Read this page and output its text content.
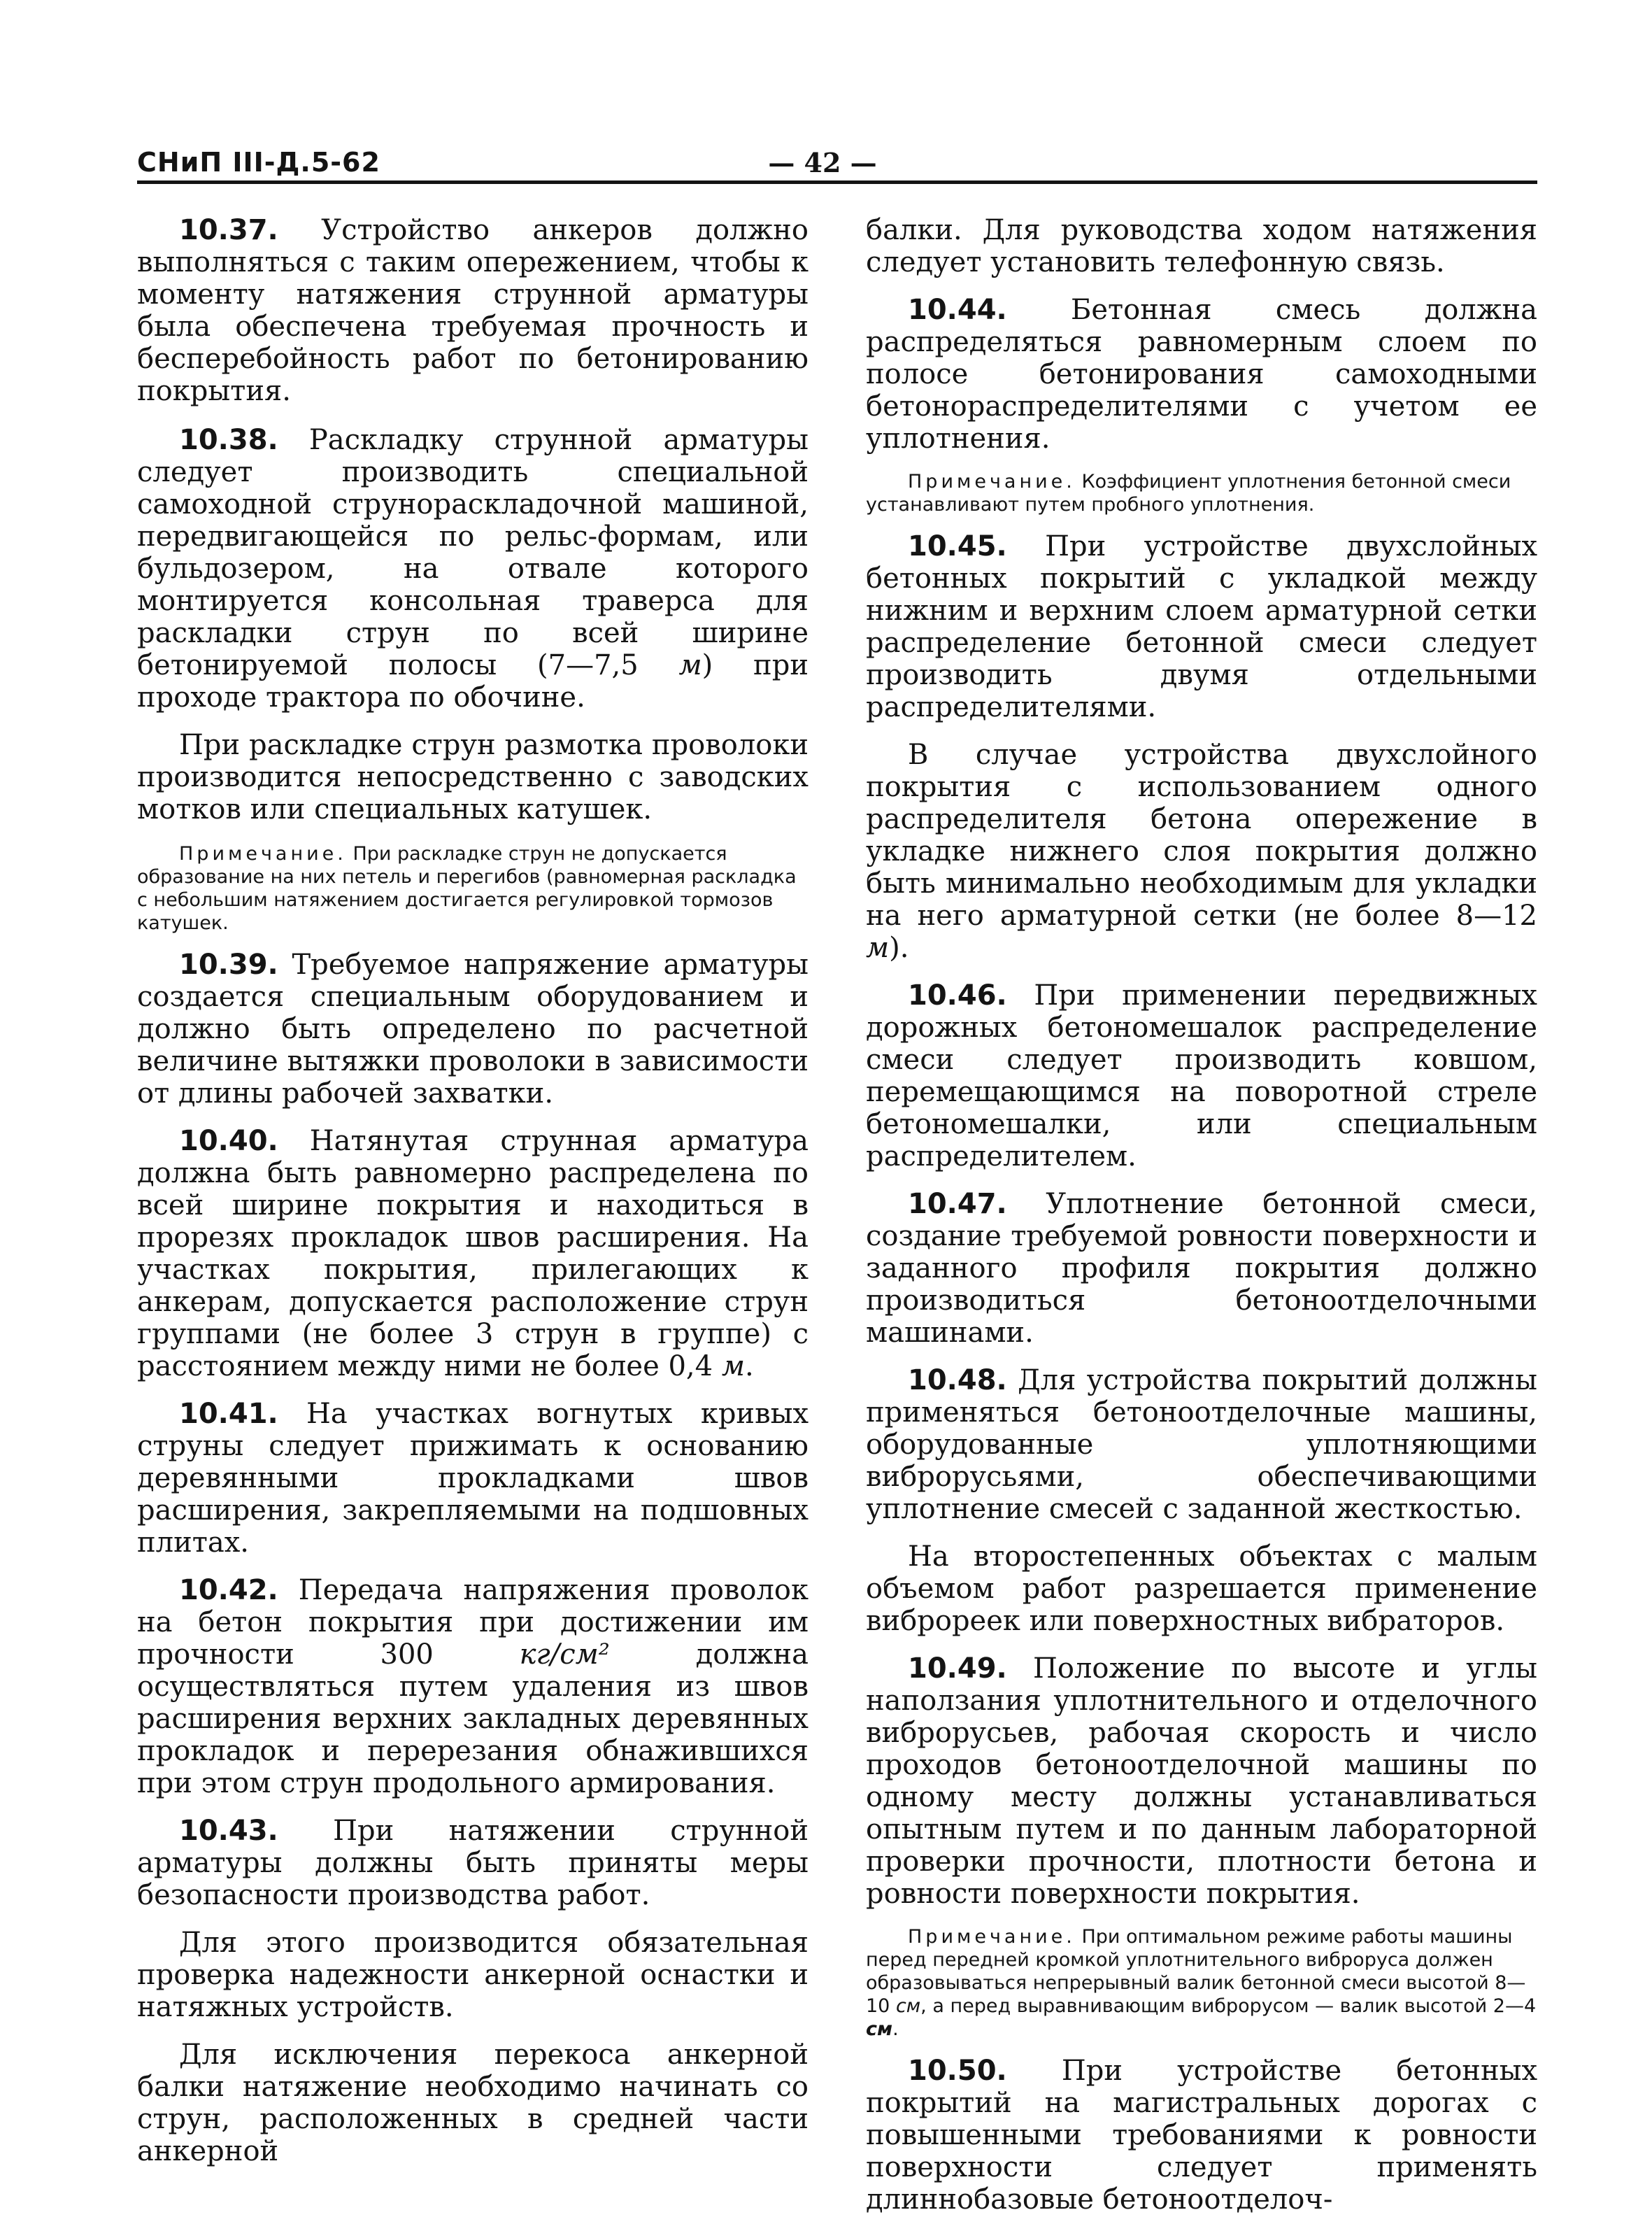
СНиП III-Д.5-62	— 42 —

10.37. Устройство анкеров должно выполняться с таким опережением, чтобы к моменту натяжения струнной арматуры была обеспечена требуемая прочность и бесперебойность работ по бетонированию покрытия.

10.38. Раскладку струнной арматуры следует производить специальной самоходной струнораскладочной машиной, передвигающейся по рельс-формам, или бульдозером, на отвале которого монтируется консольная траверса для раскладки струн по всей ширине бетонируемой полосы (7—7,5 м) при проходе трактора по обочине.

При раскладке струн размотка проволоки производится непосредственно с заводских мотков или специальных катушек.

Примечание. При раскладке струн не допускается образование на них петель и перегибов (равномерная раскладка с небольшим натяжением достигается регулировкой тормозов катушек.

10.39. Требуемое напряжение арматуры создается специальным оборудованием и должно быть определено по расчетной величине вытяжки проволоки в зависимости от длины рабочей захватки.

10.40. Натянутая струнная арматура должна быть равномерно распределена по всей ширине покрытия и находиться в прорезях прокладок швов расширения. На участках покрытия, прилегающих к анкерам, допускается расположение струн группами (не более 3 струн в группе) с расстоянием между ними не более 0,4 м.

10.41. На участках вогнутых кривых струны следует прижимать к основанию деревянными прокладками швов расширения, закрепляемыми на подшовных плитах.

10.42. Передача напряжения проволок на бетон покрытия при достижении им прочности 300 кг/см² должна осуществляться путем удаления из швов расширения верхних закладных деревянных прокладок и перерезания обнажившихся при этом струн продольного армирования.

10.43. При натяжении струнной арматуры должны быть приняты меры безопасности производства работ.

Для этого производится обязательная проверка надежности анкерной оснастки и натяжных устройств.

Для исключения перекоса анкерной балки натяжение необходимо начинать со струн, расположенных в средней части анкерной

балки. Для руководства ходом натяжения следует установить телефонную связь.

10.44. Бетонная смесь должна распределяться равномерным слоем по полосе бетонирования самоходными бетонораспределителями с учетом ее уплотнения.

Примечание. Коэффициент уплотнения бетонной смеси устанавливают путем пробного уплотнения.

10.45. При устройстве двухслойных бетонных покрытий с укладкой между нижним и верхним слоем арматурной сетки распределение бетонной смеси следует производить двумя отдельными распределителями.

В случае устройства двухслойного покрытия с использованием одного распределителя бетона опережение в укладке нижнего слоя покрытия должно быть минимально необходимым для укладки на него арматурной сетки (не более 8—12 м).

10.46. При применении передвижных дорожных бетономешалок распределение смеси следует производить ковшом, перемещающимся на поворотной стреле бетономешалки, или специальным распределителем.

10.47. Уплотнение бетонной смеси, создание требуемой ровности поверхности и заданного профиля покрытия должно производиться бетоноотделочными машинами.

10.48. Для устройства покрытий должны применяться бетоноотделочные машины, оборудованные уплотняющими виброрусьями, обеспечивающими уплотнение смесей с заданной жесткостью.

На второстепенных объектах с малым объемом работ разрешается применение виброреек или поверхностных вибраторов.

10.49. Положение по высоте и углы наползания уплотнительного и отделочного виброрусьев, рабочая скорость и число проходов бетоноотделочной машины по одному месту должны устанавливаться опытным путем и по данным лабораторной проверки прочности, плотности бетона и ровности поверхности покрытия.

Примечание. При оптимальном режиме работы машины перед передней кромкой уплотнительного виброруса должен образовываться непрерывный валик бетонной смеси высотой 8—10 см, а перед выравнивающим виброрусом — валик высотой 2—4 см.

10.50. При устройстве бетонных покрытий на магистральных дорогах с повышенными требованиями к ровности поверхности следует применять длиннобазовые бетоноотделоч-
